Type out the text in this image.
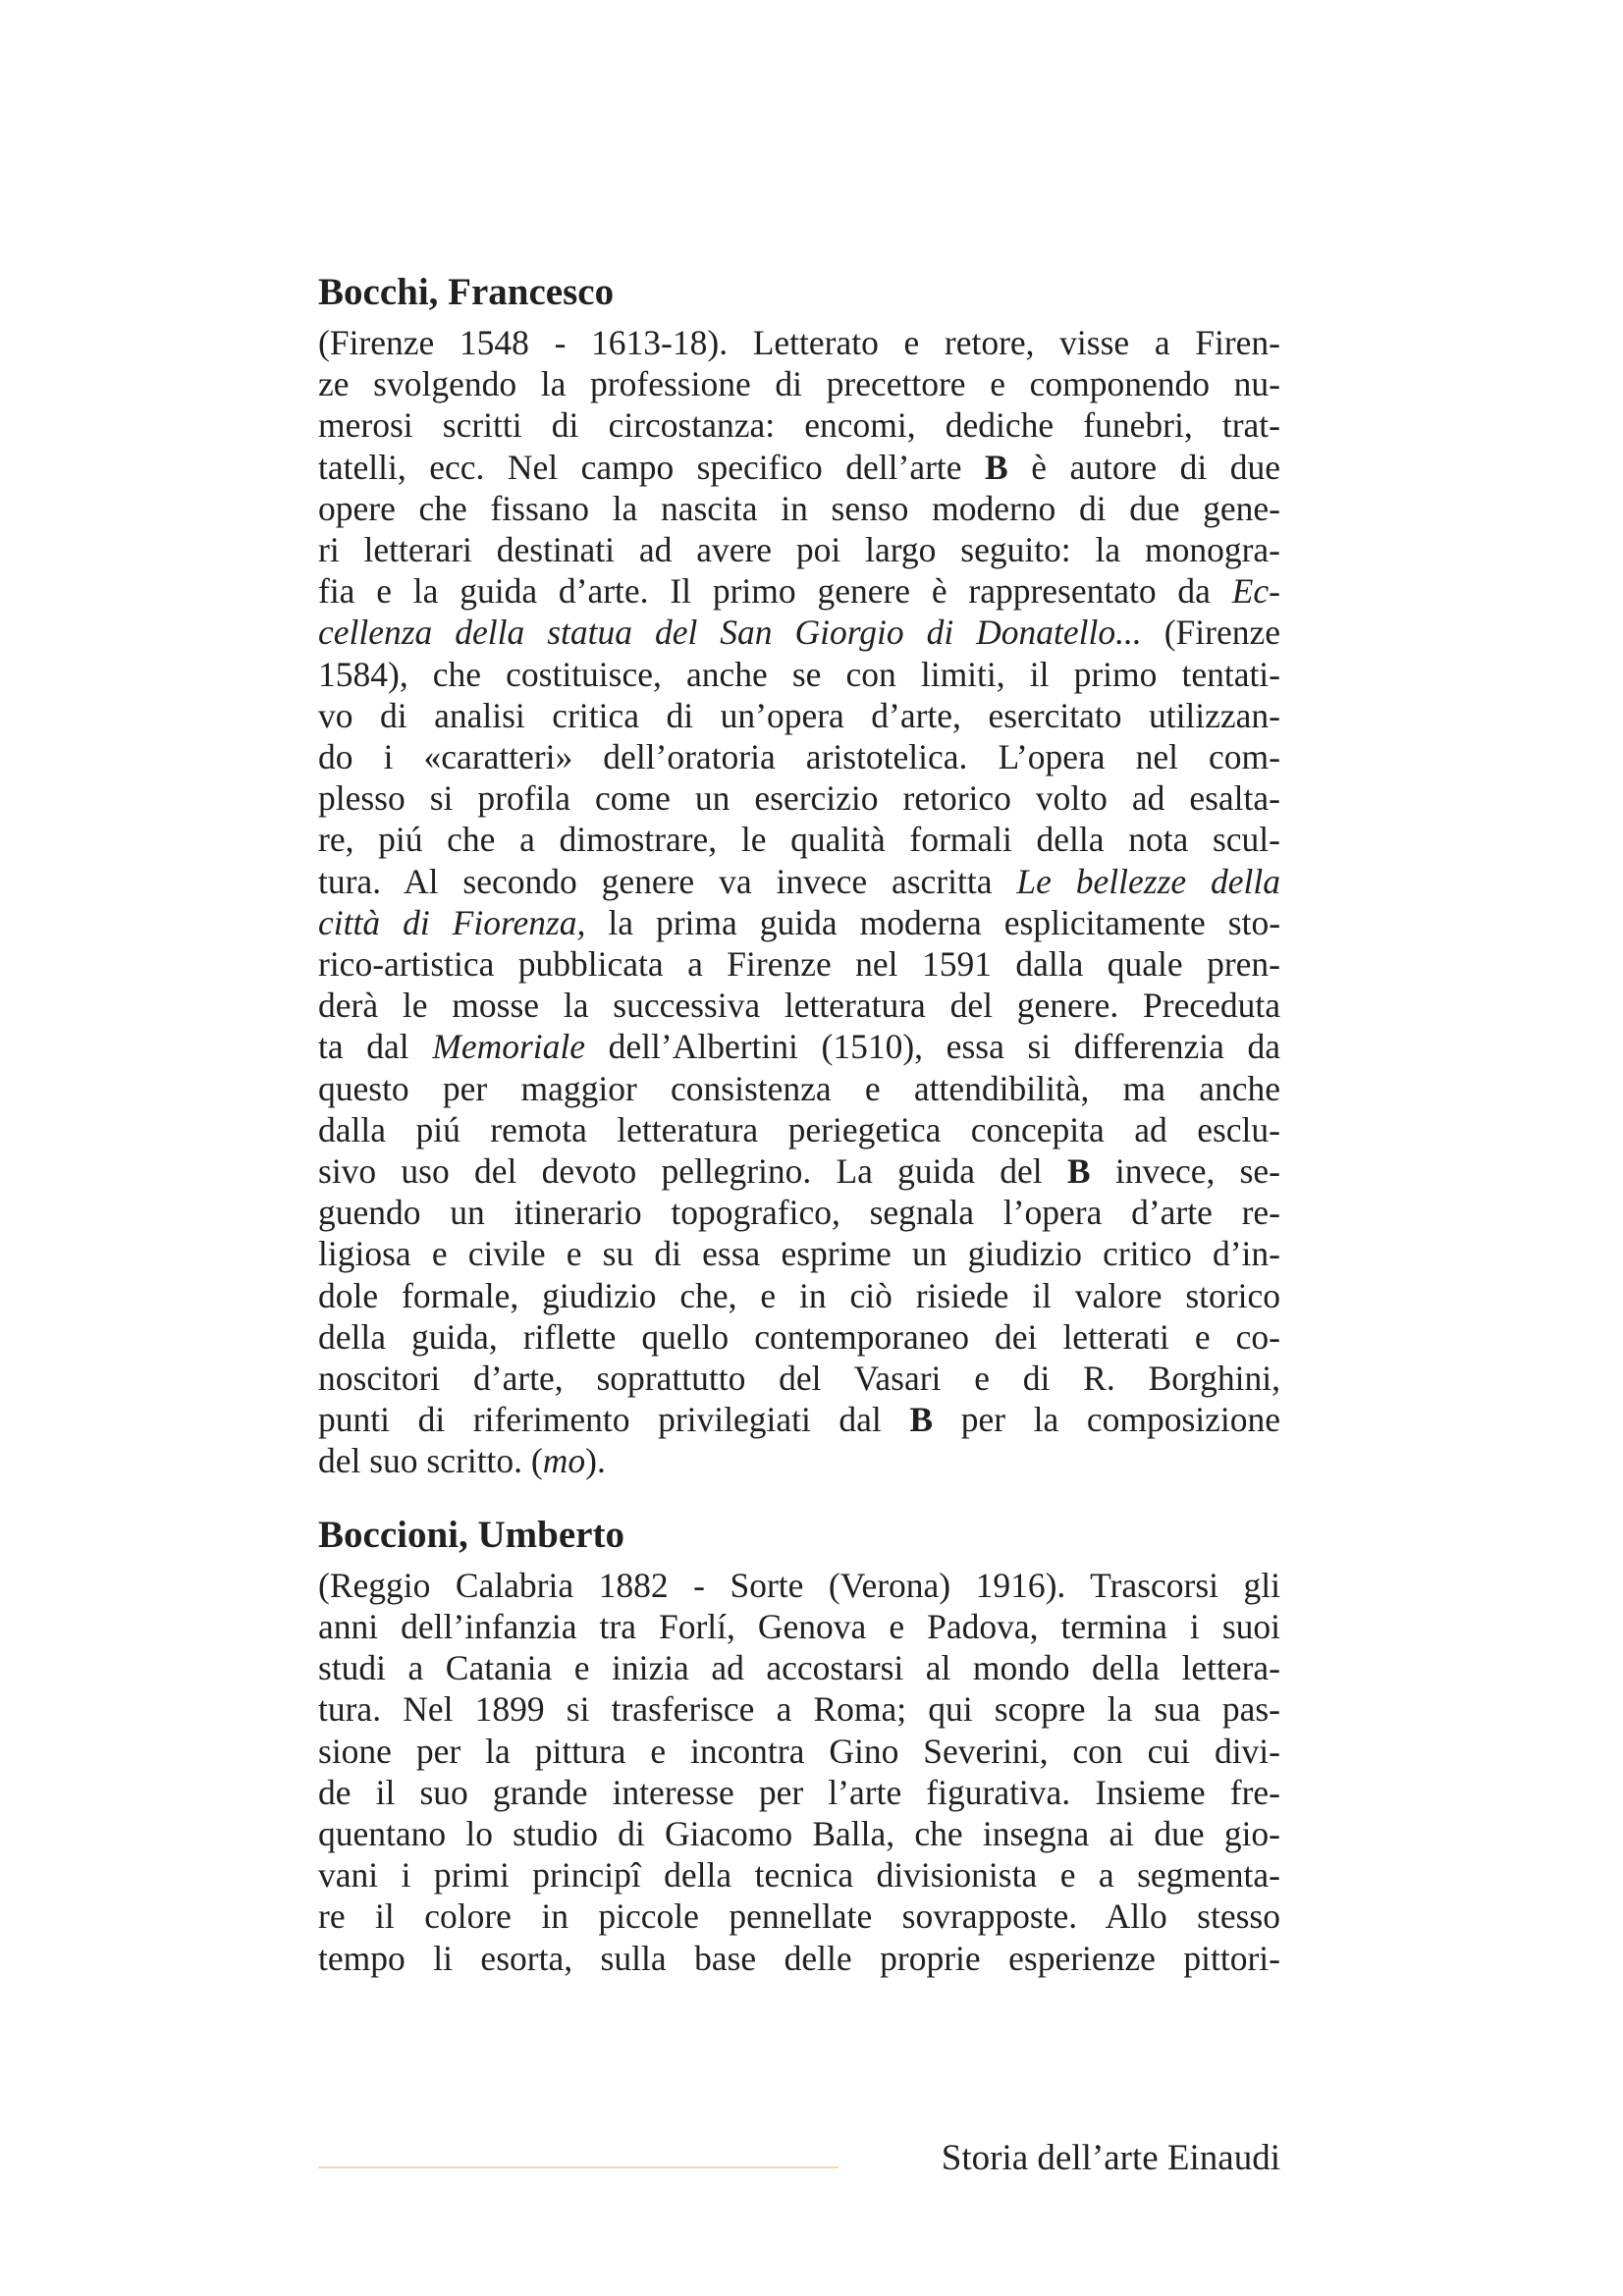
Bocchi, Francesco
(Firenze 1548 - 1613-18). Letterato e retore, visse a Firen-
ze svolgendo la professione di precettore e componendo nu-
merosi scritti di circostanza: encomi, dediche funebri, trat-
tatelli, ecc. Nel campo specifico dell’arte B è autore di due
opere che fissano la nascita in senso moderno di due gene-
ri letterari destinati ad avere poi largo seguito: la monogra-
fia e la guida d’arte. Il primo genere è rappresentato da Ec-
cellenza della statua del San Giorgio di Donatello... (Firenze
1584), che costituisce, anche se con limiti, il primo tentati-
vo di analisi critica di un’opera d’arte, esercitato utilizzan-
do i «caratteri» dell’oratoria aristotelica. L’opera nel com-
plesso si profila come un esercizio retorico volto ad esalta-
re, piú che a dimostrare, le qualità formali della nota scul-
tura. Al secondo genere va invece ascritta Le bellezze della
città di Fiorenza, la prima guida moderna esplicitamente sto-
rico-artistica pubblicata a Firenze nel 1591 dalla quale pren-
derà le mosse la successiva letteratura del genere. Preceduta
ta dal Memoriale dell’Albertini (1510), essa si differenzia da
questo per maggior consistenza e attendibilità, ma anche
dalla piú remota letteratura periegetica concepita ad esclu-
sivo uso del devoto pellegrino. La guida del B invece, se-
guendo un itinerario topografico, segnala l’opera d’arte re-
ligiosa e civile e su di essa esprime un giudizio critico d’in-
dole formale, giudizio che, e in ciò risiede il valore storico
della guida, riflette quello contemporaneo dei letterati e co-
noscitori d’arte, soprattutto del Vasari e di R. Borghini,
punti di riferimento privilegiati dal B per la composizione
del suo scritto. (mo).
Boccioni, Umberto
(Reggio Calabria 1882 - Sorte (Verona) 1916). Trascorsi gli
anni dell’infanzia tra Forlí, Genova e Padova, termina i suoi
studi a Catania e inizia ad accostarsi al mondo della lettera-
tura. Nel 1899 si trasferisce a Roma; qui scopre la sua pas-
sione per la pittura e incontra Gino Severini, con cui divi-
de il suo grande interesse per l’arte figurativa. Insieme fre-
quentano lo studio di Giacomo Balla, che insegna ai due gio-
vani i primi principî della tecnica divisionista e a segmenta-
re il colore in piccole pennellate sovrapposte. Allo stesso
tempo li esorta, sulla base delle proprie esperienze pittori-
Storia dell’arte Einaudi
